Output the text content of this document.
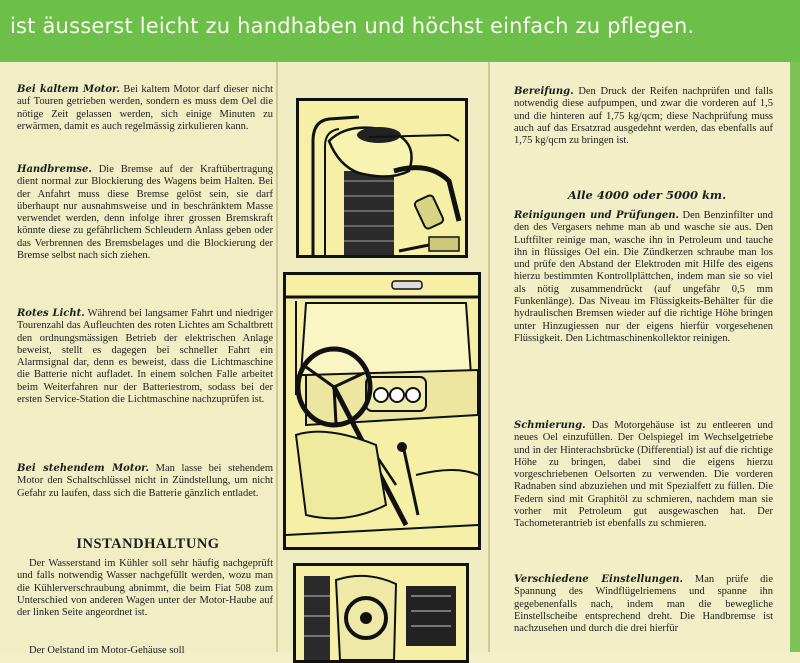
ist äusserst leicht zu handhaben und höchst einfach zu pflegen.
Bei kaltem Motor. Bei kaltem Motor darf dieser nicht auf Touren getrieben werden, sondern es muss dem Oel die nötige Zeit gelassen werden, sich einige Minuten zu erwärmen, damit es auch regelmässig zirkulieren kann.
Handbremse. Die Bremse auf der Kraftübertragung dient normal zur Blockierung des Wagens beim Halten. Bei der Anfahrt muss diese Bremse gelöst sein, sie darf überhaupt nur ausnahmsweise und in beschränktem Masse verwendet werden, denn infolge ihrer grossen Bremskraft könnte diese zu gefährlichem Schleudern Anlass geben oder das Verbrennen des Bremsbelages und die Blockierung der Bremse selbst nach sich ziehen.
Rotes Licht. Während bei langsamer Fahrt und niedriger Tourenzahl das Aufleuchten des roten Lichtes am Schaltbrett den ordnungsmässigen Betrieb der elektrischen Anlage beweist, stellt es dagegen bei schneller Fahrt ein Alarmsignal dar, denn es beweist, dass die Lichtmaschine die Batterie nicht aufladet. In einem solchen Falle arbeitet beim Weiterfahren nur der Batteriestrom, sodass bei der ersten Service-Station die Lichtmaschine nachzuprüfen ist.
Bei stehendem Motor. Man lasse bei stehendem Motor den Schaltschlüssel nicht in Zündstellung, um nicht Gefahr zu laufen, dass sich die Batterie gänzlich entladet.
INSTANDHALTUNG
Der Wasserstand im Kühler soll sehr häufig nachgeprüft und falls notwendig Wasser nachgefüllt werden, wozu man die Kühlerverschraubung abnimmt, die beim Fiat 508 zum Unterschied von anderen Wagen unter der Motor-Haube auf der linken Seite angeordnet ist.
Der Oelstand im Motor-Gehäuse soll
Bereifung. Den Druck der Reifen nachprüfen und falls notwendig diese aufpumpen, und zwar die vorderen auf 1,5 und die hinteren auf 1,75 kg/qcm; diese Nachprüfung muss auch auf das Ersatzrad ausgedehnt werden, das ebenfalls auf 1,75 kg/qcm zu bringen ist.
Alle 4000 oder 5000 km.
Reinigungen und Prüfungen. Den Benzinfilter und den des Vergasers nehme man ab und wasche sie aus. Den Luftfilter reinige man, wasche ihn in Petroleum und tauche ihn in flüssiges Oel ein. Die Zündkerzen schraube man los und prüfe den Abstand der Elektroden mit Hilfe des eigens hierzu bestimmten Kontrollplättchen, indem man sie so viel als nötig zusammendrückt (auf ungefähr 0,5 mm Funkenlänge). Das Niveau im Flüssigkeits-Behälter für die hydraulischen Bremsen wieder auf die richtige Höhe bringen unter Hinzugiessen nur der eigens hierfür vorgesehenen Flüssigkeit. Den Lichtmaschinenkollektor reinigen.
Schmierung. Das Motorgehäuse ist zu entleeren und neues Oel einzufüllen. Der Oelspiegel im Wechselgetriebe und in der Hinterachsbrücke (Differential) ist auf die richtige Höhe zu bringen, dabei sind die eigens hierzu vorgeschriebenen Oelsorten zu verwenden. Die vorderen Radnaben sind abzuziehen und mit Spezialfett zu füllen. Die Federn sind mit Graphitöl zu schmieren, nachdem man sie vorher mit Petroleum gut ausgewaschen hat. Der Tachometerantrieb ist ebenfalls zu schmieren.
Verschiedene Einstellungen. Man prüfe die Spannung des Windflügelriemens und spanne ihn gegebenenfalls nach, indem man die bewegliche Einstellscheibe entsprechend dreht. Die Handbremse ist nachzusehen und durch die drei hierfür
